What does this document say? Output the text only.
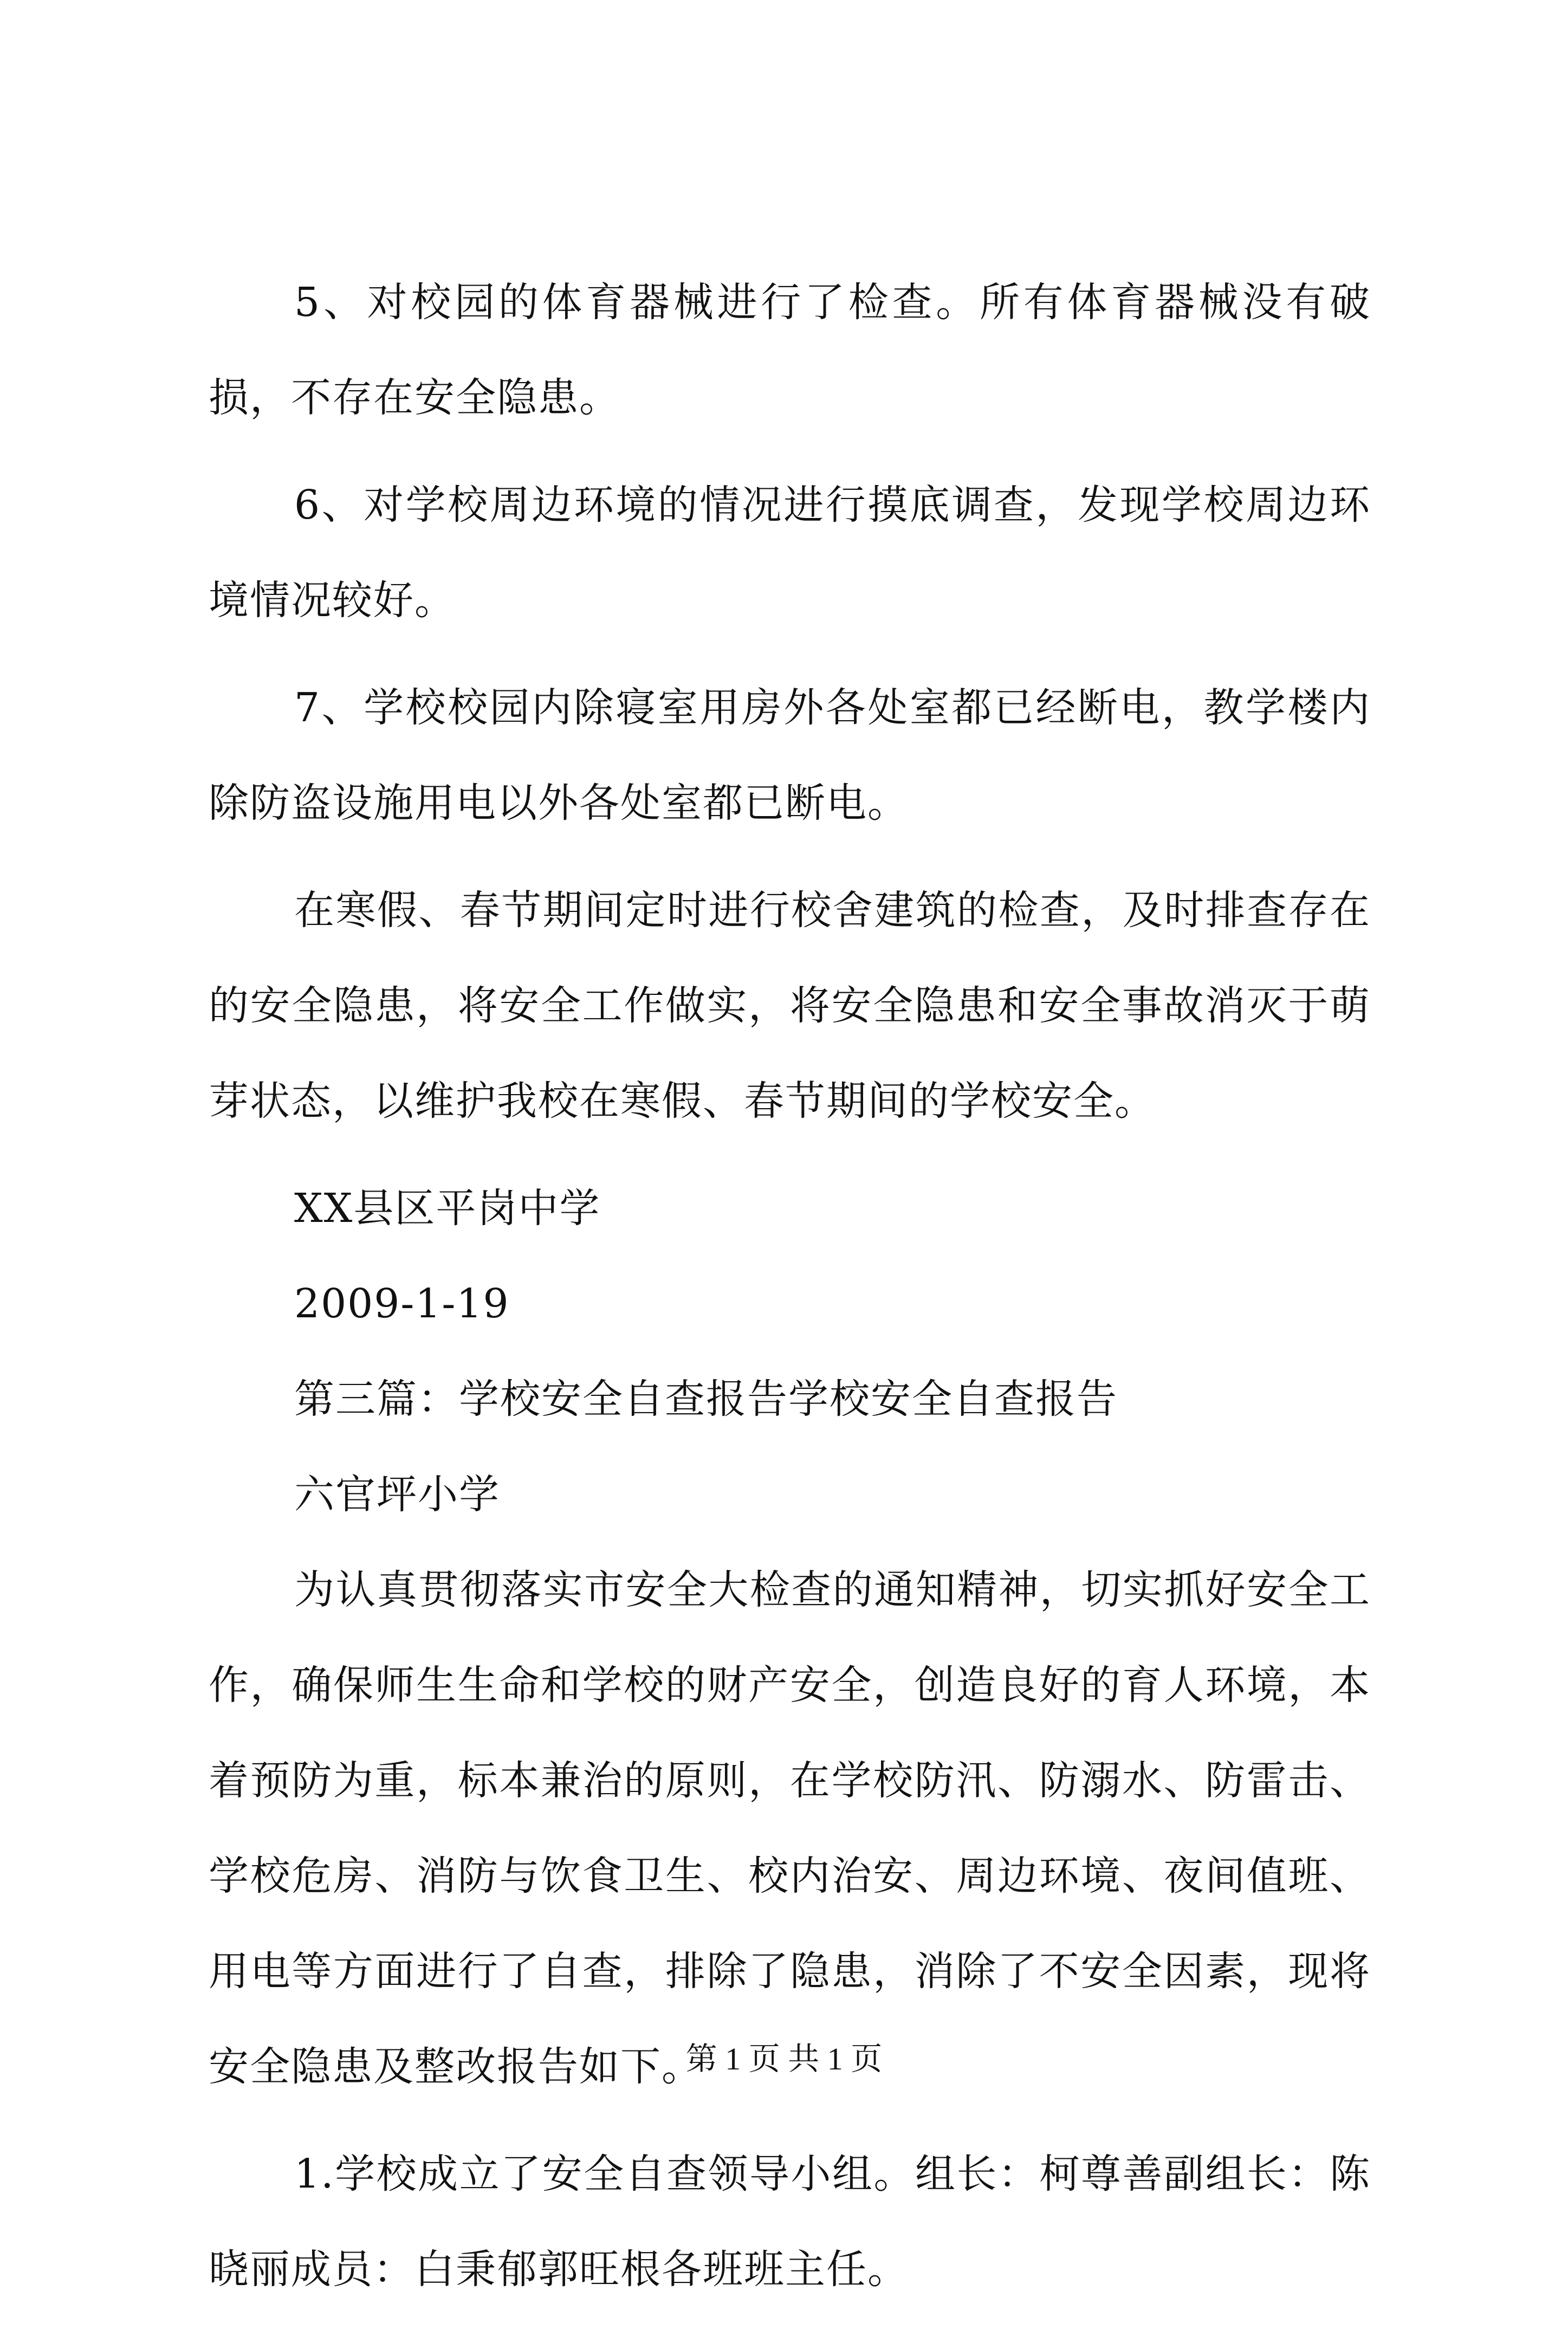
5、对校园的体育器械进行了检查。所有体育器械没有破损，不存在安全隐患。

6、对学校周边环境的情况进行摸底调查，发现学校周边环境情况较好。

7、学校校园内除寝室用房外各处室都已经断电，教学楼内除防盗设施用电以外各处室都已断电。

在寒假、春节期间定时进行校舍建筑的检查，及时排查存在的安全隐患，将安全工作做实，将安全隐患和安全事故消灭于萌芽状态，以维护我校在寒假、春节期间的学校安全。

XX县区平岗中学

2009-1-19

第三篇：学校安全自查报告学校安全自查报告

六官坪小学

为认真贯彻落实市安全大检查的通知精神，切实抓好安全工作，确保师生生命和学校的财产安全，创造良好的育人环境，本着预防为重，标本兼治的原则，在学校防汛、防溺水、防雷击、学校危房、消防与饮食卫生、校内治安、周边环境、夜间值班、用电等方面进行了自查，排除了隐患，消除了不安全因素，现将安全隐患及整改报告如下。

1.学校成立了安全自查领导小组。组长：柯尊善副组长：陈晓丽成员：白秉郁郭旺根各班班主任。

第 1 页 共 1 页
